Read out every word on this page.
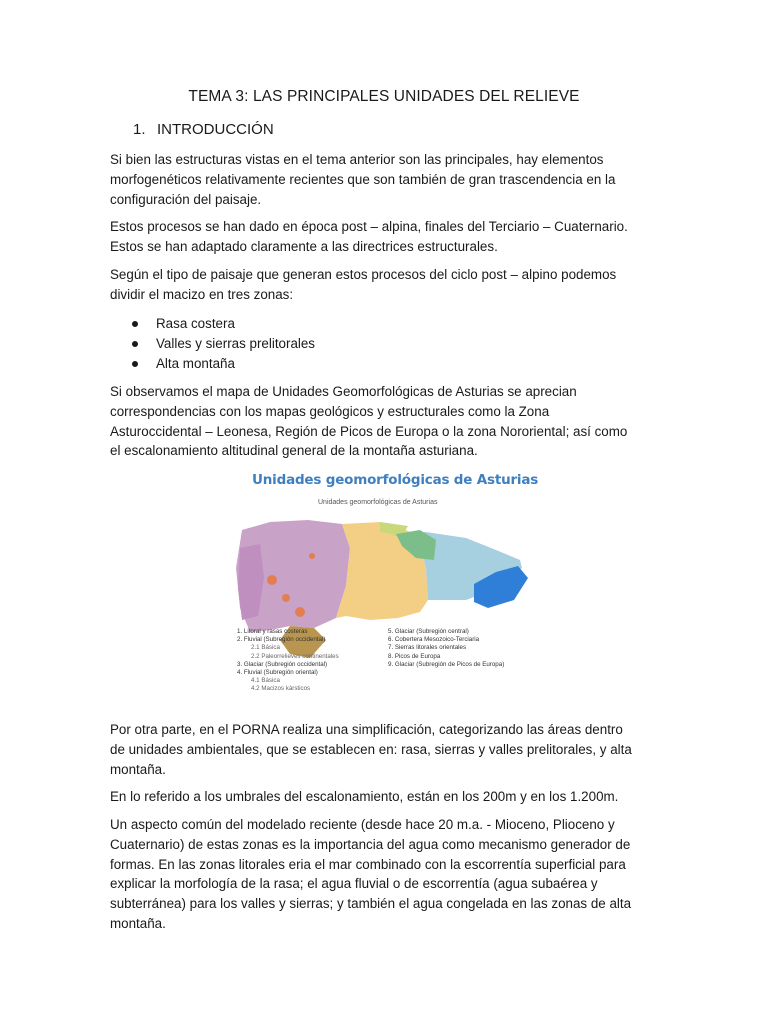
TEMA 3: LAS PRINCIPALES UNIDADES DEL RELIEVE
1. INTRODUCCIÓN
Si bien las estructuras vistas en el tema anterior son las principales, hay elementos
morfogenéticos relativamente recientes que son también de gran trascendencia en la
configuración del paisaje.
Estos procesos se han dado en época post – alpina, finales del Terciario – Cuaternario.
Estos se han adaptado claramente a las directrices estructurales.
Según el tipo de paisaje que generan estos procesos del ciclo post – alpino podemos
dividir el macizo en tres zonas:
Rasa costera
Valles y sierras prelitorales
Alta montaña
Si observamos el mapa de Unidades Geomorfológicas de Asturias se aprecian
correspondencias con los mapas geológicos y estructurales como la Zona
Asturoccidental – Leonesa, Región de Picos de Europa o la zona Nororiental; así como
el escalonamiento altitudinal general de la montaña asturiana.
Unidades geomorfológicas de Asturias
Unidades geomorfológicas de Asturias
1. Litoral y rasas costeras
2. Fluvial (Subregión occidental)
2.1 Básica
2.2 Paleorrelieves continentales
3. Glaciar (Subregión occidental)
4. Fluvial (Subregión oriental)
4.1 Básica
4.2 Macizos kársticos
5. Glaciar (Subregión central)
6. Cobertera Mesozoico-Terciaria
7. Sierras litorales orientales
8. Picos de Europa
9. Glaciar (Subregión de Picos de Europa)
Por otra parte, en el PORNA realiza una simplificación, categorizando las áreas dentro
de unidades ambientales, que se establecen en: rasa, sierras y valles prelitorales, y alta
montaña.
En lo referido a los umbrales del escalonamiento, están en los 200m y en los 1.200m.
Un aspecto común del modelado reciente (desde hace 20 m.a. - Mioceno, Plioceno y
Cuaternario) de estas zonas es la importancia del agua como mecanismo generador de
formas. En las zonas litorales eria el mar combinado con la escorrentía superficial para
explicar la morfología de la rasa; el agua fluvial o de escorrentía (agua subaérea y
subterránea) para los valles y sierras; y también el agua congelada en las zonas de alta
montaña.
